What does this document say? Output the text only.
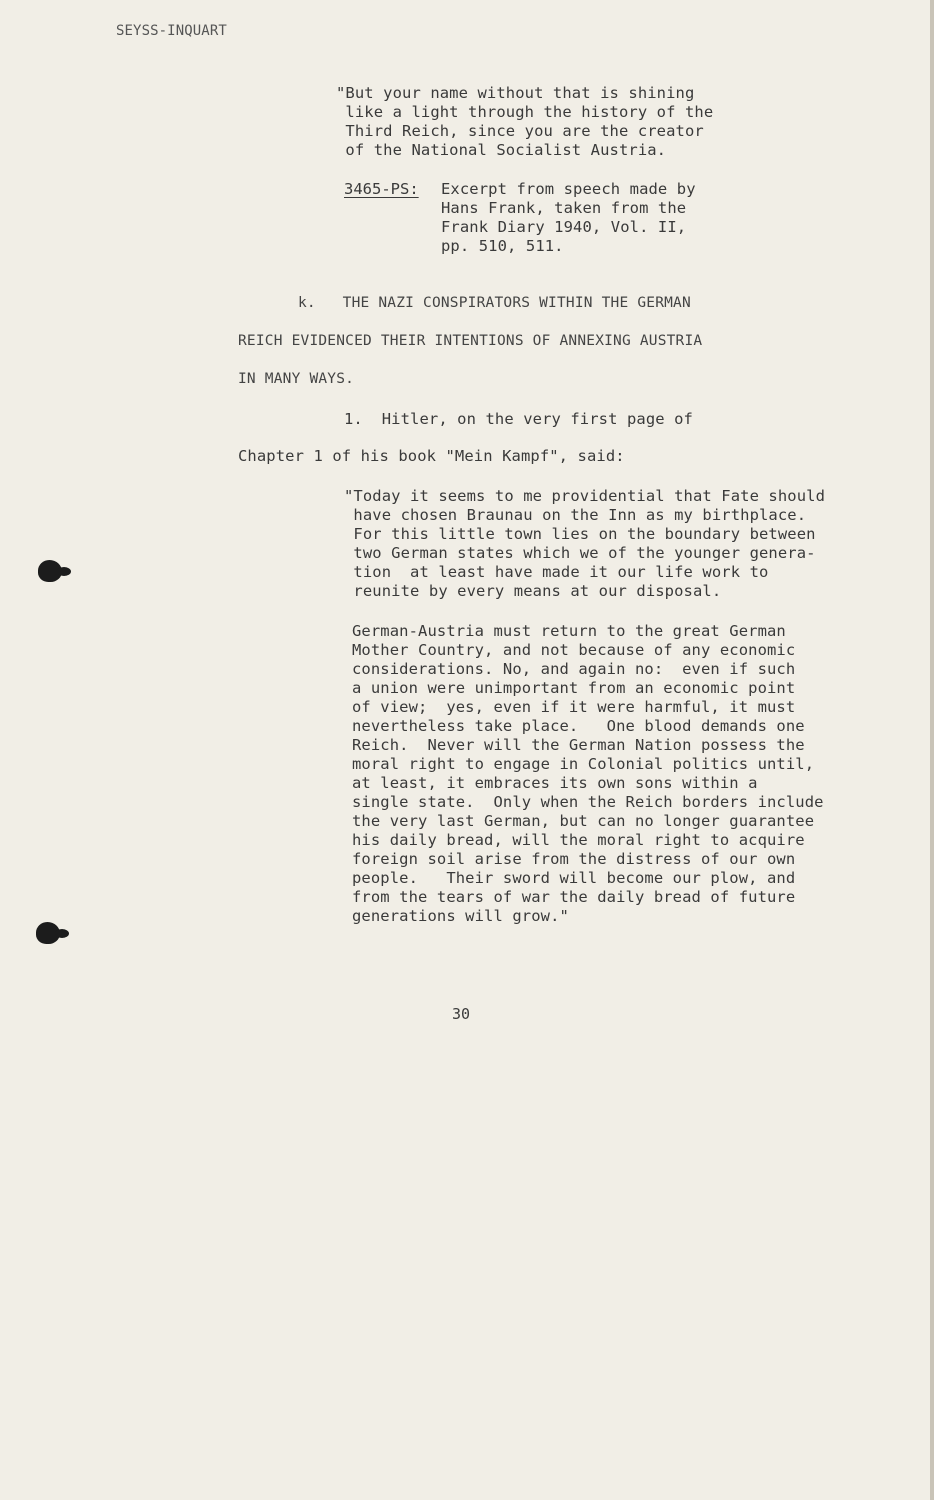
SEYSS-INQUART
"But your name without that is shining
like a light through the history of the
Third Reich, since you are the creator
of the National Socialist Austria.
3465-PS: Excerpt from speech made by
Hans Frank, taken from the
Frank Diary 1940, Vol. II,
pp. 510, 511.
k.   THE NAZI CONSPIRATORS WITHIN THE GERMAN
REICH EVIDENCED THEIR INTENTIONS OF ANNEXING AUSTRIA
IN MANY WAYS.
1.  Hitler, on the very first page of
Chapter 1 of his book "Mein Kampf", said:
"Today it seems to me providential that Fate should
have chosen Braunau on the Inn as my birthplace.
For this little town lies on the boundary between
two German states which we of the younger genera-
tion  at least have made it our life work to
reunite by every means at our disposal.
German-Austria must return to the great German
Mother Country, and not because of any economic
considerations. No, and again no:  even if such
a union were unimportant from an economic point
of view;  yes, even if it were harmful, it must
nevertheless take place.   One blood demands one
Reich.  Never will the German Nation possess the
moral right to engage in Colonial politics until,
at least, it embraces its own sons within a
single state.  Only when the Reich borders include
the very last German, but can no longer guarantee
his daily bread, will the moral right to acquire
foreign soil arise from the distress of our own
people.   Their sword will become our plow, and
from the tears of war the daily bread of future
generations will grow."
30
